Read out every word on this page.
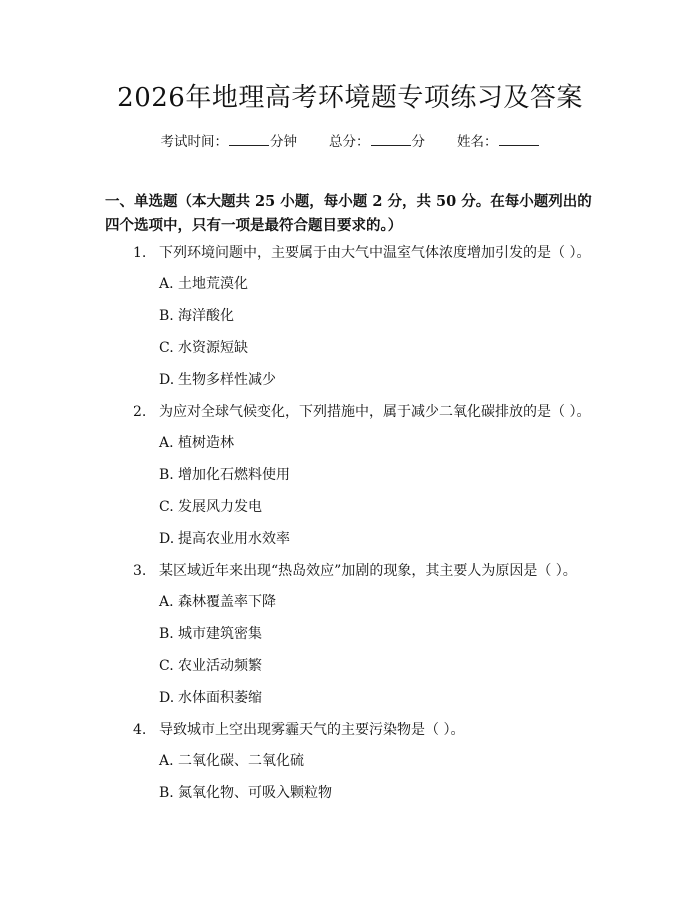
2026年地理高考环境题专项练习及答案
考试时间：	分钟 总分：	分 姓名：

一、单选题（本大题共 25 小题，每小题 2 分，共 50 分。在每小题列出的四个选项中，只有一项是最符合题目要求的。）

1. 下列环境问题中，主要属于由大气中温室气体浓度增加引发的是（ ）。
A. 土地荒漠化
B. 海洋酸化
C. 水资源短缺
D. 生物多样性减少
2. 为应对全球气候变化，下列措施中，属于减少二氧化碳排放的是（ ）。
A. 植树造林
B. 增加化石燃料使用
C. 发展风力发电
D. 提高农业用水效率
3. 某区域近年来出现“热岛效应”加剧的现象，其主要人为原因是（ ）。
A. 森林覆盖率下降
B. 城市建筑密集
C. 农业活动频繁
D. 水体面积萎缩
4. 导致城市上空出现雾霾天气的主要污染物是（ ）。
A. 二氧化碳、二氧化硫
B. 氮氧化物、可吸入颗粒物
